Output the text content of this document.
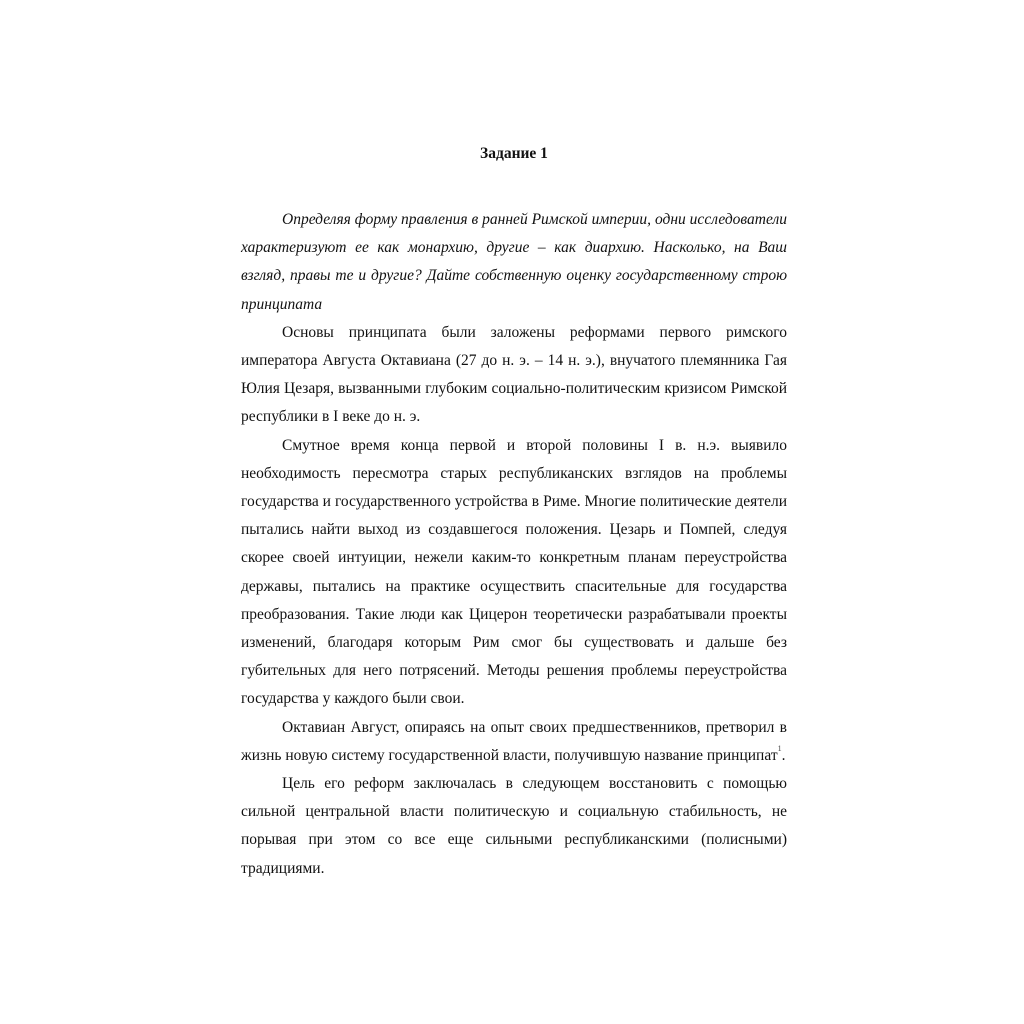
Задание 1

Определяя форму правления в ранней Римской империи, одни исследователи характеризуют ее как монархию, другие – как диархию. Насколько, на Ваш взгляд, правы те и другие? Дайте собственную оценку государственному строю принципата

Основы принципата были заложены реформами первого римского императора Августа Октавиана (27 до н. э. – 14 н. э.), внучатого племянника Гая Юлия Цезаря, вызванными глубоким социально-политическим кризисом Римской республики в I веке до н. э.

Смутное время конца первой и второй половины I в. н.э. выявило необходимость пересмотра старых республиканских взглядов на проблемы государства и государственного устройства в Риме. Многие политические деятели пытались найти выход из создавшегося положения. Цезарь и Помпей, следуя скорее своей интуиции, нежели каким-то конкретным планам переустройства державы, пытались на практике осуществить спасительные для государства преобразования. Такие люди как Цицерон теоретически разрабатывали проекты изменений, благодаря которым Рим смог бы существовать и дальше без губительных для него потрясений. Методы решения проблемы переустройства государства у каждого были свои.

Октавиан Август, опираясь на опыт своих предшественников, претворил в жизнь новую систему государственной власти, получившую название принципат$^1$.

Цель его реформ заключалась в следующем восстановить с помощью сильной центральной власти политическую и социальную стабильность, не порывая при этом со все еще сильными республиканскими (полисными) традициями.
